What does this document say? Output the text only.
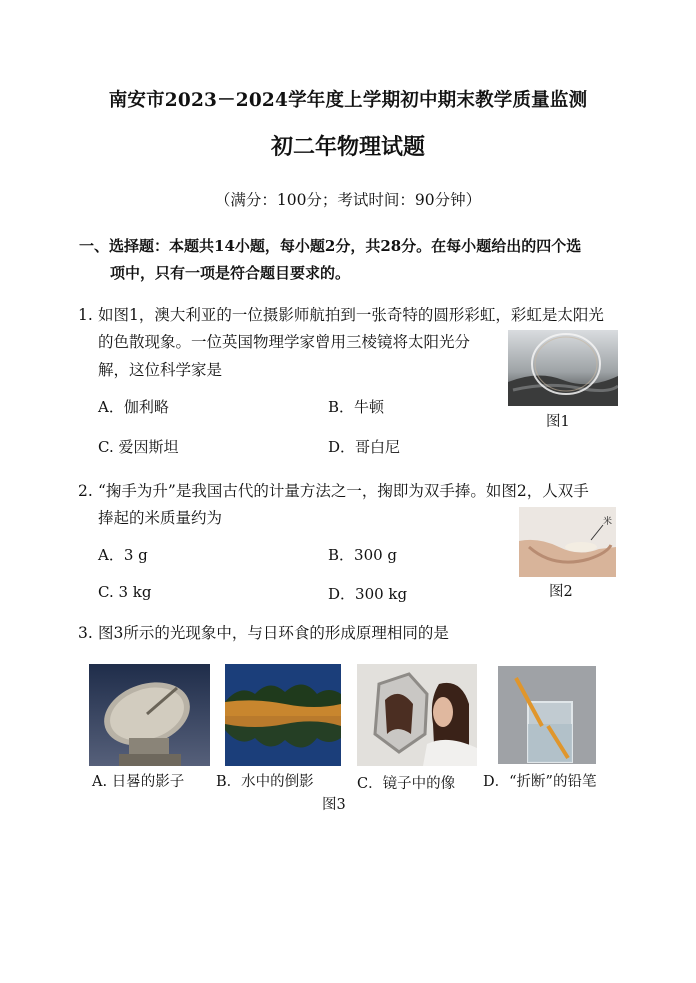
南安市2023－2024学年度上学期初中期末教学质量监测
初二年物理试题
（满分：100分；考试时间：90分钟）
一、选择题：本题共14小题，每小题2分，共28分。在每小题给出的四个选
项中，只有一项是符合题目要求的。
1. 如图1，澳大利亚的一位摄影师航拍到一张奇特的圆形彩虹，彩虹是太阳光
的色散现象。一位英国物理学家曾用三棱镜将太阳光分
解，这位科学家是
A．伽利略	B．牛顿
C. 爱因斯坦	D．哥白尼
图1
2. “掬手为升”是我国古代的计量方法之一，掬即为双手捧。如图2，人双手
捧起的米质量约为
A．3 g	B．300 g
C. 3 kg	D．300 kg
米
图2
3. 图3所示的光现象中，与日环食的形成原理相同的是
A. 日晷的影子 B．水中的倒影	C．镜子中的像 D．“折断”的铅笔
图3
